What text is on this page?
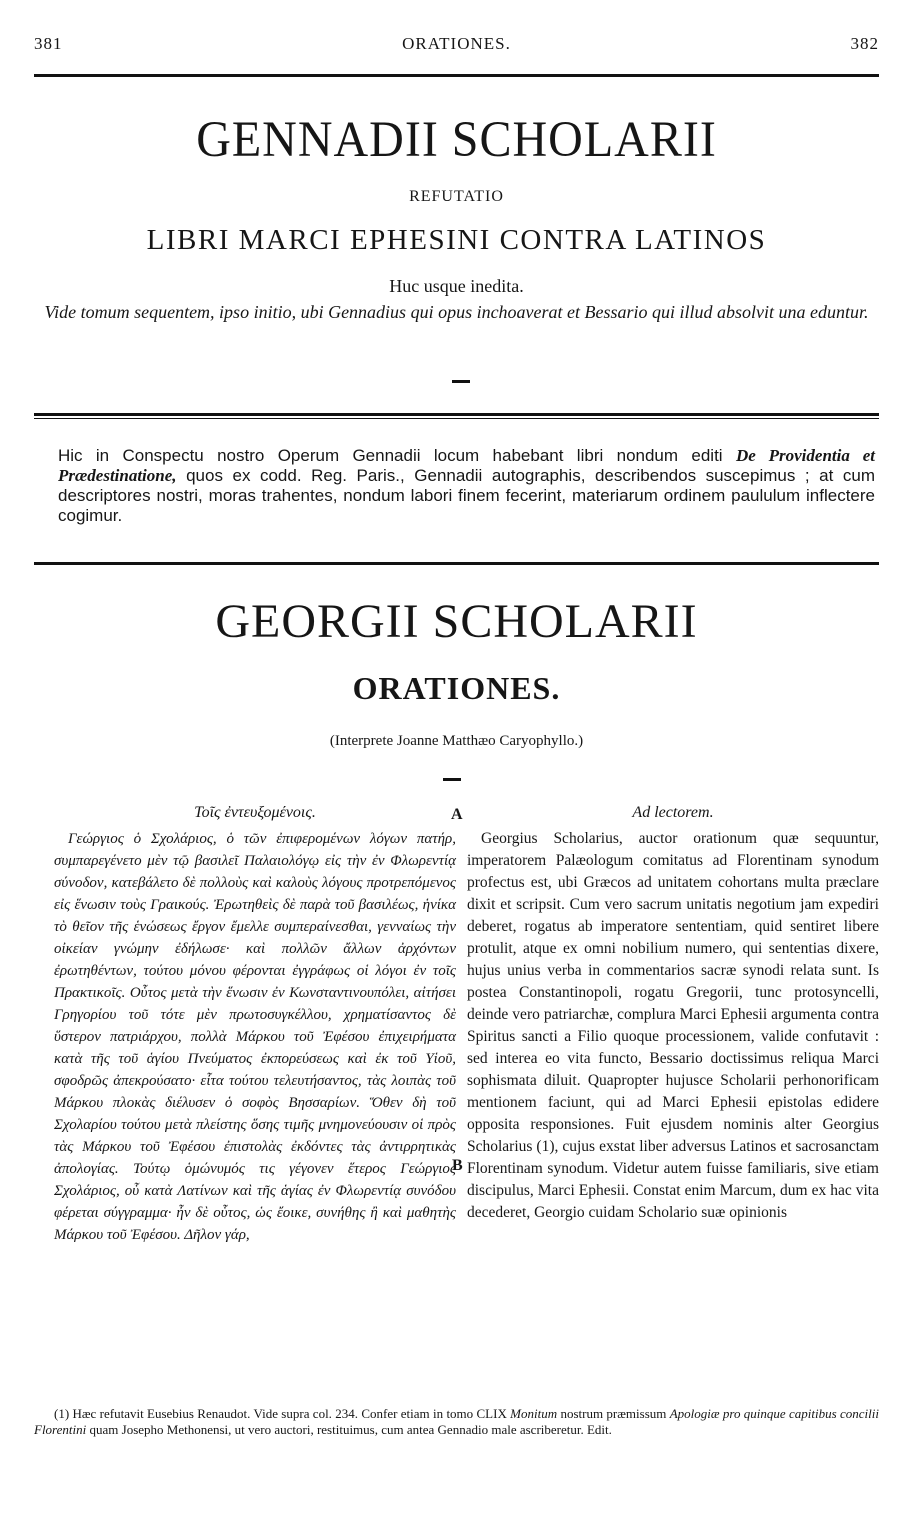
381	ORATIONES.	382
GENNADII SCHOLARII
REFUTATIO
LIBRI MARCI EPHESINI CONTRA LATINOS
Huc usque inedita.
Vide tomum sequentem, ipso initio, ubi Gennadius qui opus inchoaverat et Bessario qui illud absolvit una eduntur.
Hic in Conspectu nostro Operum Gennadii locum habebant libri nondum editi De Providentia et Prædestinatione, quos ex codd. Reg. Paris., Gennadii autographis, describendos suscepimus ; at cum descriptores nostri, moras trahentes, nondum labori finem fecerint, materiarum ordinem paululum inflectere cogimur.
GEORGII SCHOLARII
ORATIONES.
(Interprete Joanne Matthæo Caryophyllo.)
A
B
Τοῖς ἐντευξομένοις.

Γεώργιος ὁ Σχολάριος, ὁ τῶν ἐπιφερομένων λόγων πατήρ, συμπαρεγένετο μὲν τῷ βασιλεῖ Παλαιολόγῳ εἰς τὴν ἐν Φλωρεντίᾳ σύνοδον, κατεβάλετο δὲ πολλοὺς καὶ καλοὺς λόγους προτρεπόμενος εἰς ἕνωσιν τοὺς Γραικούς. Ἐρωτηθεὶς δὲ παρὰ τοῦ βασιλέως, ἡνίκα τὸ θεῖον τῆς ἑνώσεως ἔργον ἔμελλε συμπεραίνεσθαι, γενναίως τὴν οἰκείαν γνώμην ἐδήλωσε· καὶ πολλῶν ἄλλων ἀρχόντων ἐρωτηθέντων, τούτου μόνου φέρονται ἐγγράφως οἱ λόγοι ἐν τοῖς Πρακτικοῖς. Οὗτος μετὰ τὴν ἕνωσιν ἐν Κωνσταντινουπόλει, αἰτήσει Γρηγορίου τοῦ τότε μὲν πρωτοσυγκέλλου, χρηματίσαντος δὲ ὕστερον πατριάρχου, πολλὰ Μάρκου τοῦ Ἐφέσου ἐπιχειρήματα κατὰ τῆς τοῦ ἁγίου Πνεύματος ἐκπορεύσεως καὶ ἐκ τοῦ Υἱοῦ, σφοδρῶς ἀπεκρούσατο· εἶτα τούτου τελευτήσαντος, τὰς λοιπὰς τοῦ Μάρκου πλοκὰς διέλυσεν ὁ σοφὸς Βησσαρίων. Ὅθεν δὴ τοῦ Σχολαρίου τούτου μετὰ πλείστης ὅσης τιμῆς μνημονεύουσιν οἱ πρὸς τὰς Μάρκου τοῦ Ἐφέσου ἐπιστολὰς ἐκδόντες τὰς ἀντιρρητικὰς ἀπολογίας. Τούτῳ ὁμώνυμός τις γέγονεν ἕτερος Γεώργιος Σχολάριος, οὗ κατὰ Λατίνων καὶ τῆς ἁγίας ἐν Φλωρεντίᾳ συνόδου φέρεται σύγγραμμα· ἦν δὲ οὗτος, ὡς ἔοικε, συνήθης ἢ καὶ μαθητὴς Μάρκου τοῦ Ἐφέσου. Δῆλον γάρ,

Ad lectorem.

Georgius Scholarius, auctor orationum quæ sequuntur, imperatorem Palæologum comitatus ad Florentinam synodum profectus est, ubi Græcos ad unitatem cohortans multa præclare dixit et scripsit. Cum vero sacrum unitatis negotium jam expediri deberet, rogatus ab imperatore sententiam, quid sentiret libere protulit, atque ex omni nobilium numero, qui sententias dixere, hujus unius verba in commentarios sacræ synodi relata sunt. Is postea Constantinopoli, rogatu Gregorii, tunc protosyncelli, deinde vero patriarchæ, complura Marci Ephesii argumenta contra Spiritus sancti a Filio quoque processionem, valide confutavit : sed interea eo vita functo, Bessario doctissimus reliqua Marci sophismata diluit. Quapropter hujusce Scholarii perhonorificam mentionem faciunt, qui ad Marci Ephesii epistolas edidere opposita responsiones. Fuit ejusdem nominis alter Georgius Scholarius (1), cujus exstat liber adversus Latinos et sacrosanctam Florentinam synodum. Videtur autem fuisse familiaris, sive etiam discipulus, Marci Ephesii. Constat enim Marcum, dum ex hac vita decederet, Georgio cuidam Scholario suæ opinionis

(1) Hæc refutavit Eusebius Renaudot. Vide supra col. 234. Confer etiam in tomo CLIX Monitum nostrum præmissum Apologiæ pro quinque capitibus concilii Florentini quam Josepho Methonensi, ut vero auctori, restituimus, cum antea Gennadio male ascriberetur. Edit.
